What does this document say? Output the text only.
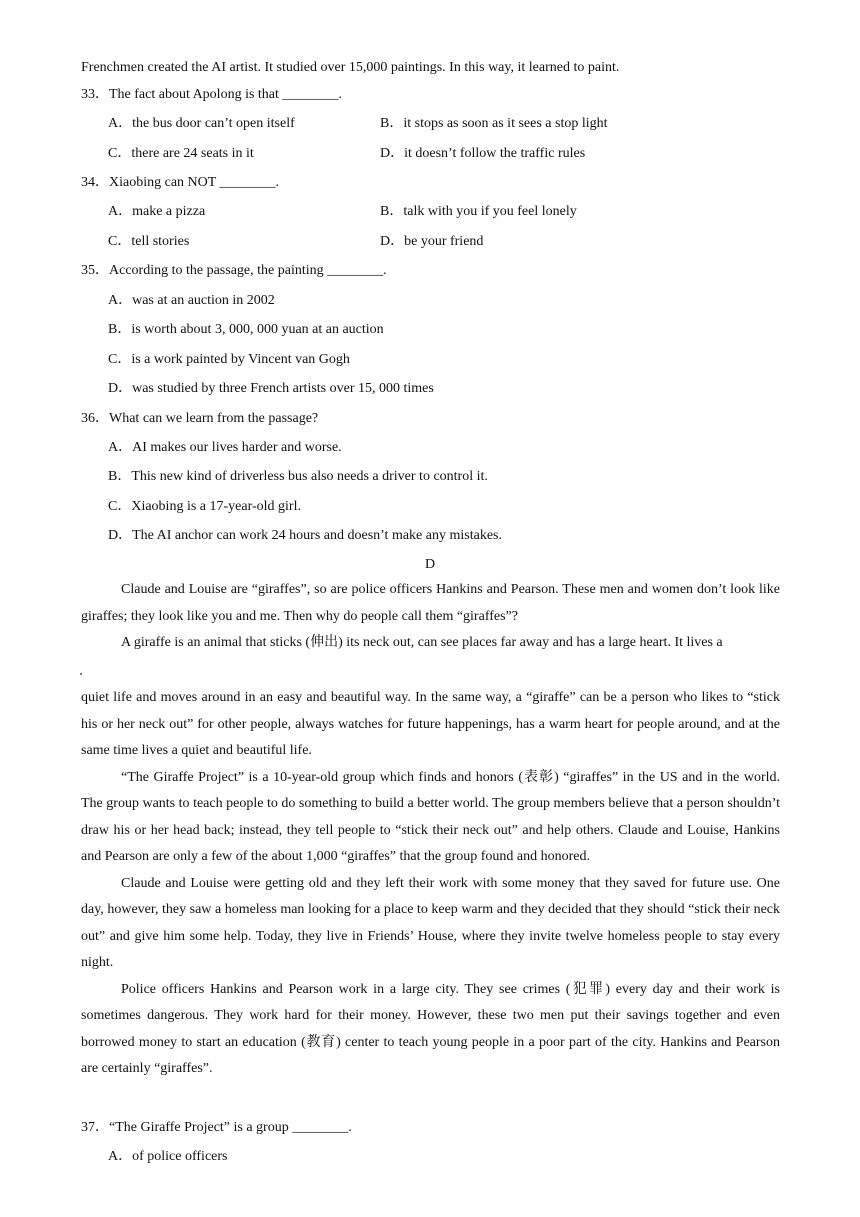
Frenchmen created the AI artist. It studied over 15,000 paintings. In this way, it learned to paint.
33．The fact about Apolong is that ________.
A．the bus door can’t open itself	B．it stops as soon as it sees a stop light
C．there are 24 seats in it	D．it doesn’t follow the traffic rules
34．Xiaobing can NOT ________.
A．make a pizza	B．talk with you if you feel lonely
C．tell stories	D．be your friend
35．According to the passage, the painting ________.
A．was at an auction in 2002
B．is worth about 3, 000, 000 yuan at an auction
C．is a work painted by Vincent van Gogh
D．was studied by three French artists over 15, 000 times
36．What can we learn from the passage?
A．AI makes our lives harder and worse.
B．This new kind of driverless bus also needs a driver to control it.
C．Xiaobing is a 17-year-old girl.
D．The AI anchor can work 24 hours and doesn’t make any mistakes.
D

Claude and Louise are “giraffes”, so are police officers Hankins and Pearson. These men and women don’t look like giraffes; they look like you and me. Then why do people call them “giraffes”?

A giraffe is an animal that sticks (伸出) its neck out, can see places far away and has a large heart. It lives a

quiet life and moves around in an easy and beautiful way. In the same way, a “giraffe” can be a person who likes to “stick his or her neck out” for other people, always watches for future happenings, has a warm heart for people around, and at the same time lives a quiet and beautiful life.

“The Giraffe Project” is a 10-year-old group which finds and honors (表彰) “giraffes” in the US and in the world. The group wants to teach people to do something to build a better world. The group members believe that a person shouldn’t draw his or her head back; instead, they tell people to “stick their neck out” and help others. Claude and Louise, Hankins and Pearson are only a few of the about 1,000 “giraffes” that the group found and honored.

Claude and Louise were getting old and they left their work with some money that they saved for future use. One day, however, they saw a homeless man looking for a place to keep warm and they decided that they should “stick their neck out” and give him some help. Today, they live in Friends’ House, where they invite twelve homeless people to stay every night.

Police officers Hankins and Pearson work in a large city. They see crimes (犯罪) every day and their work is sometimes dangerous. They work hard for their money. However, these two men put their savings together and even borrowed money to start an education (教育) center to teach young people in a poor part of the city. Hankins and Pearson are certainly “giraffes”.

37．“The Giraffe Project” is a group ________.
A．of police officers
